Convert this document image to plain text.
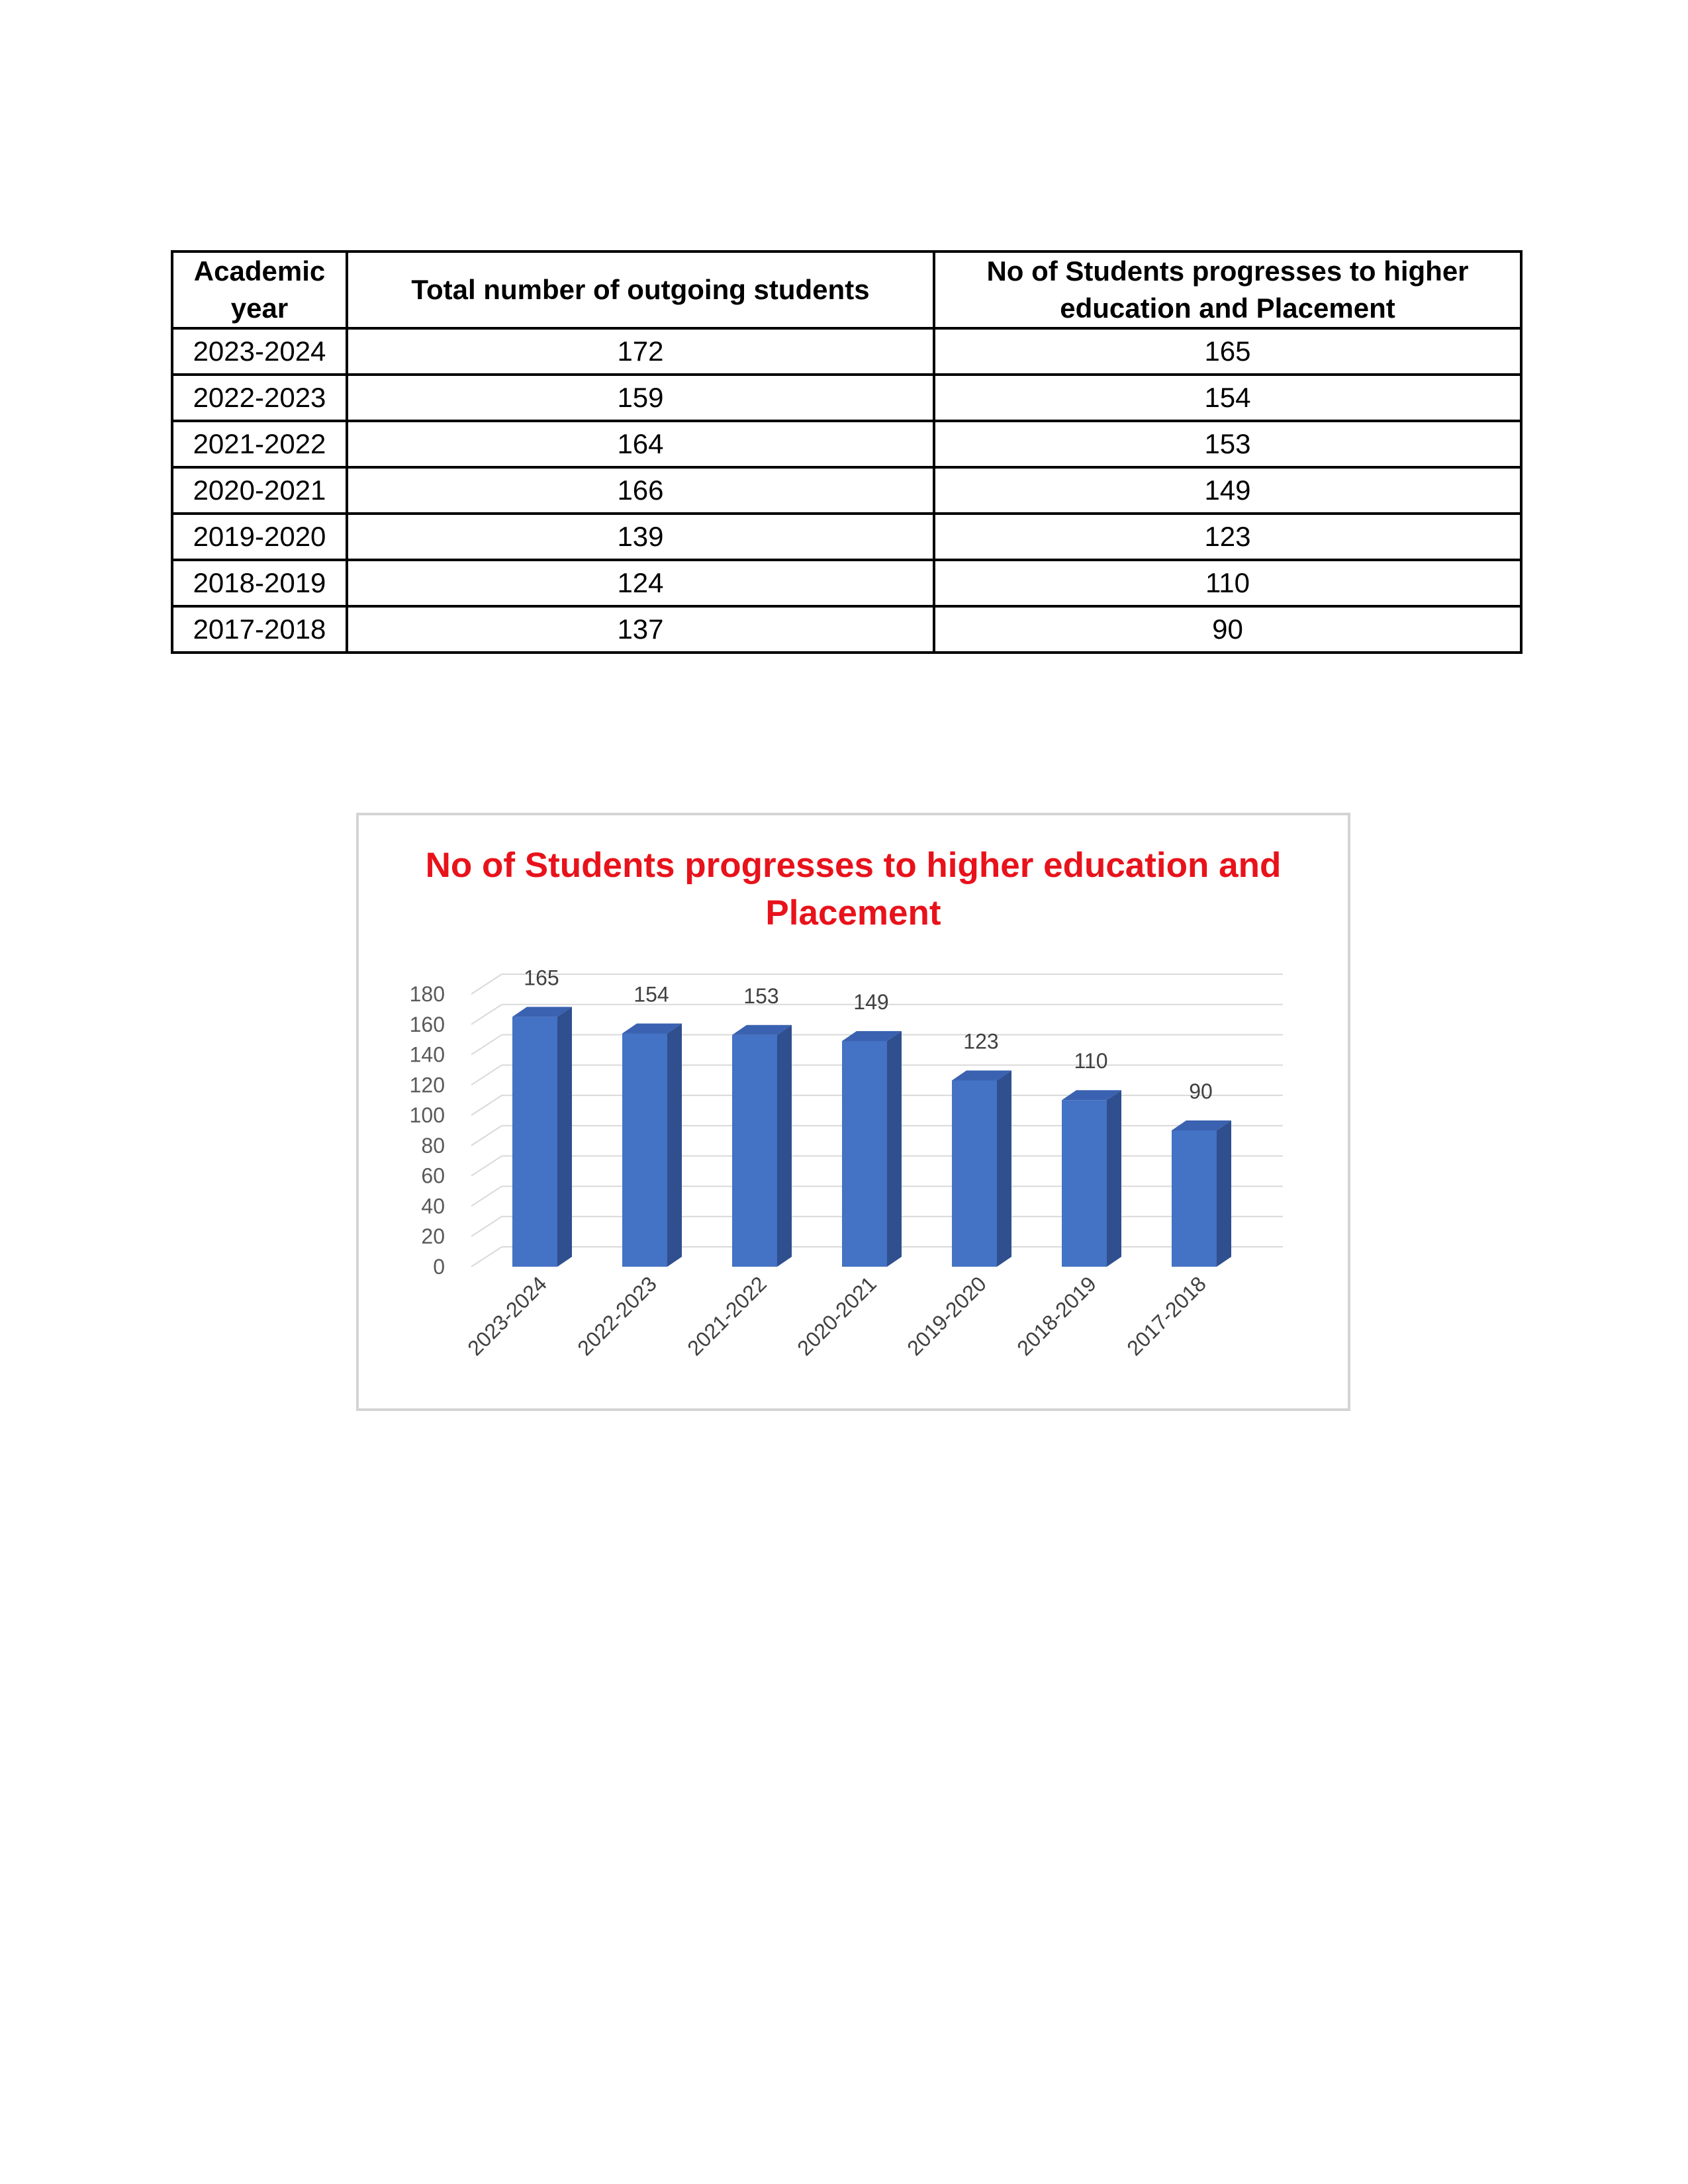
Academic year	Total number of outgoing students	No of Students progresses to higher education and Placement
2023-2024	172	165
2022-2023	159	154
2021-2022	164	153
2020-2021	166	149
2019-2020	139	123
2018-2019	124	110
2017-2018	137	90
No of Students progresses to higher education and Placement
0
20
40
60
80
100
120
140
160
180
165
2023-2024
154
2022-2023
153
2021-2022
149
2020-2021
123
2019-2020
110
2018-2019
90
2017-2018
